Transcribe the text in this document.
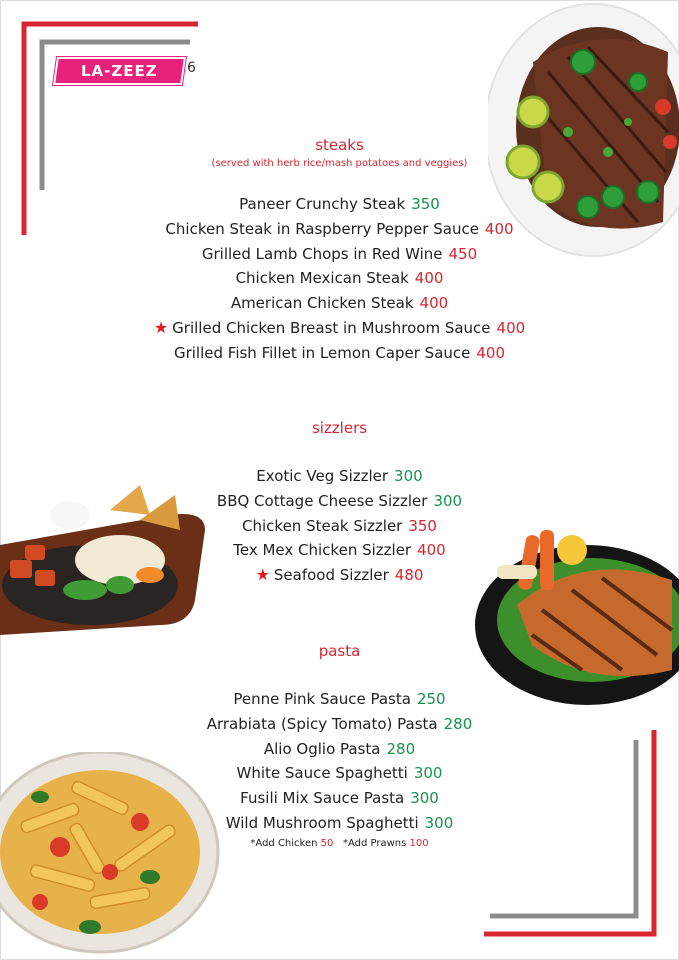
LA-ZEEZ 6
steaks
(served with herb rice/mash potatoes and veggies)
Paneer Crunchy Steak 350
Chicken Steak in Raspberry Pepper Sauce 400
Grilled Lamb Chops in Red Wine 450
Chicken Mexican Steak 400
American Chicken Steak 400
★ Grilled Chicken Breast in Mushroom Sauce 400
Grilled Fish Fillet in Lemon Caper Sauce 400
sizzlers
Exotic Veg Sizzler 300
BBQ Cottage Cheese Sizzler 300
Chicken Steak Sizzler 350
Tex Mex Chicken Sizzler 400
★ Seafood Sizzler 480
pasta
Penne Pink Sauce Pasta 250
Arrabiata (Spicy Tomato) Pasta 280
Alio Oglio Pasta 280
White Sauce Spaghetti 300
Fusili Mix Sauce Pasta 300
Wild Mushroom Spaghetti 300
*Add Chicken 50 *Add Prawns 100
